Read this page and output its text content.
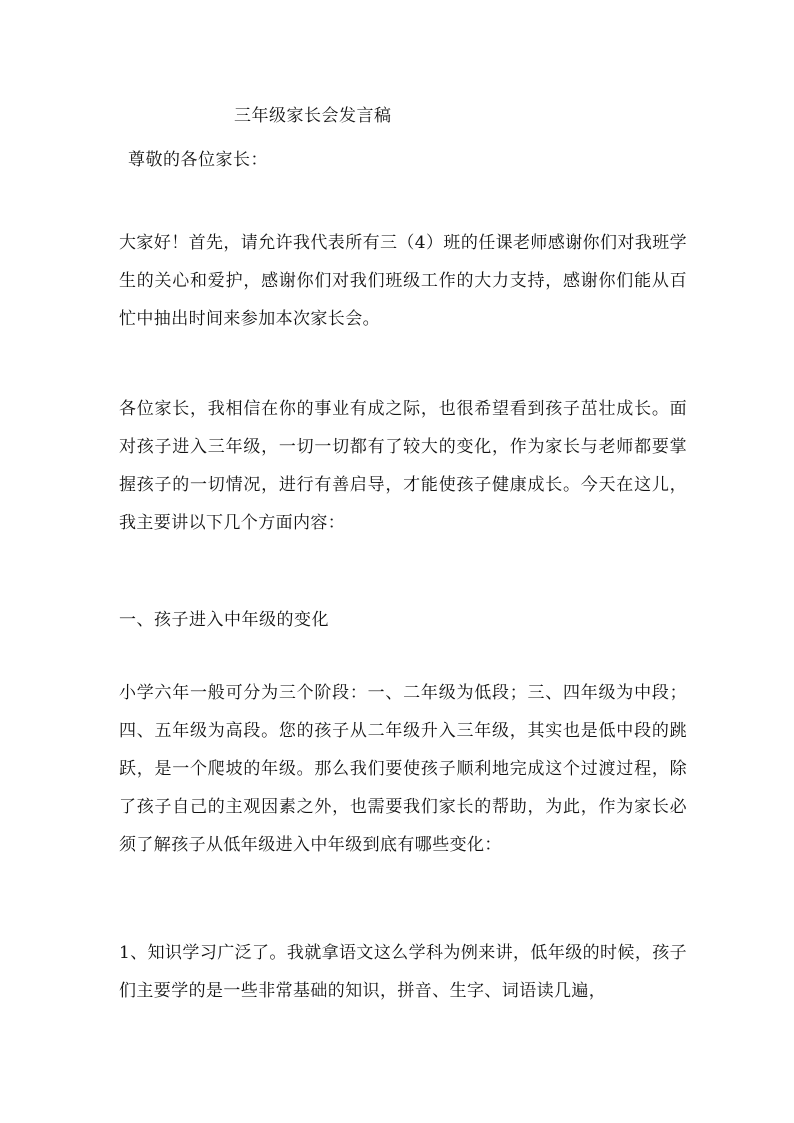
三年级家长会发言稿
尊敬的各位家长：

大家好！首先，请允许我代表所有三（4）班的任课老师感谢你们对我班学生的关心和爱护，感谢你们对我们班级工作的大力支持，感谢你们能从百忙中抽出时间来参加本次家长会。

各位家长，我相信在你的事业有成之际，也很希望看到孩子茁壮成长。面对孩子进入三年级，一切一切都有了较大的变化，作为家长与老师都要掌握孩子的一切情况，进行有善启导，才能使孩子健康成长。今天在这儿，我主要讲以下几个方面内容：

一、孩子进入中年级的变化

小学六年一般可分为三个阶段：一、二年级为低段；三、四年级为中段；四、五年级为高段。您的孩子从二年级升入三年级，其实也是低中段的跳跃，是一个爬坡的年级。那么我们要使孩子顺利地完成这个过渡过程，除了孩子自己的主观因素之外，也需要我们家长的帮助，为此，作为家长必须了解孩子从低年级进入中年级到底有哪些变化：

1、知识学习广泛了。我就拿语文这么学科为例来讲，低年级的时候，孩子们主要学的是一些非常基础的知识，拼音、生字、词语读几遍，
